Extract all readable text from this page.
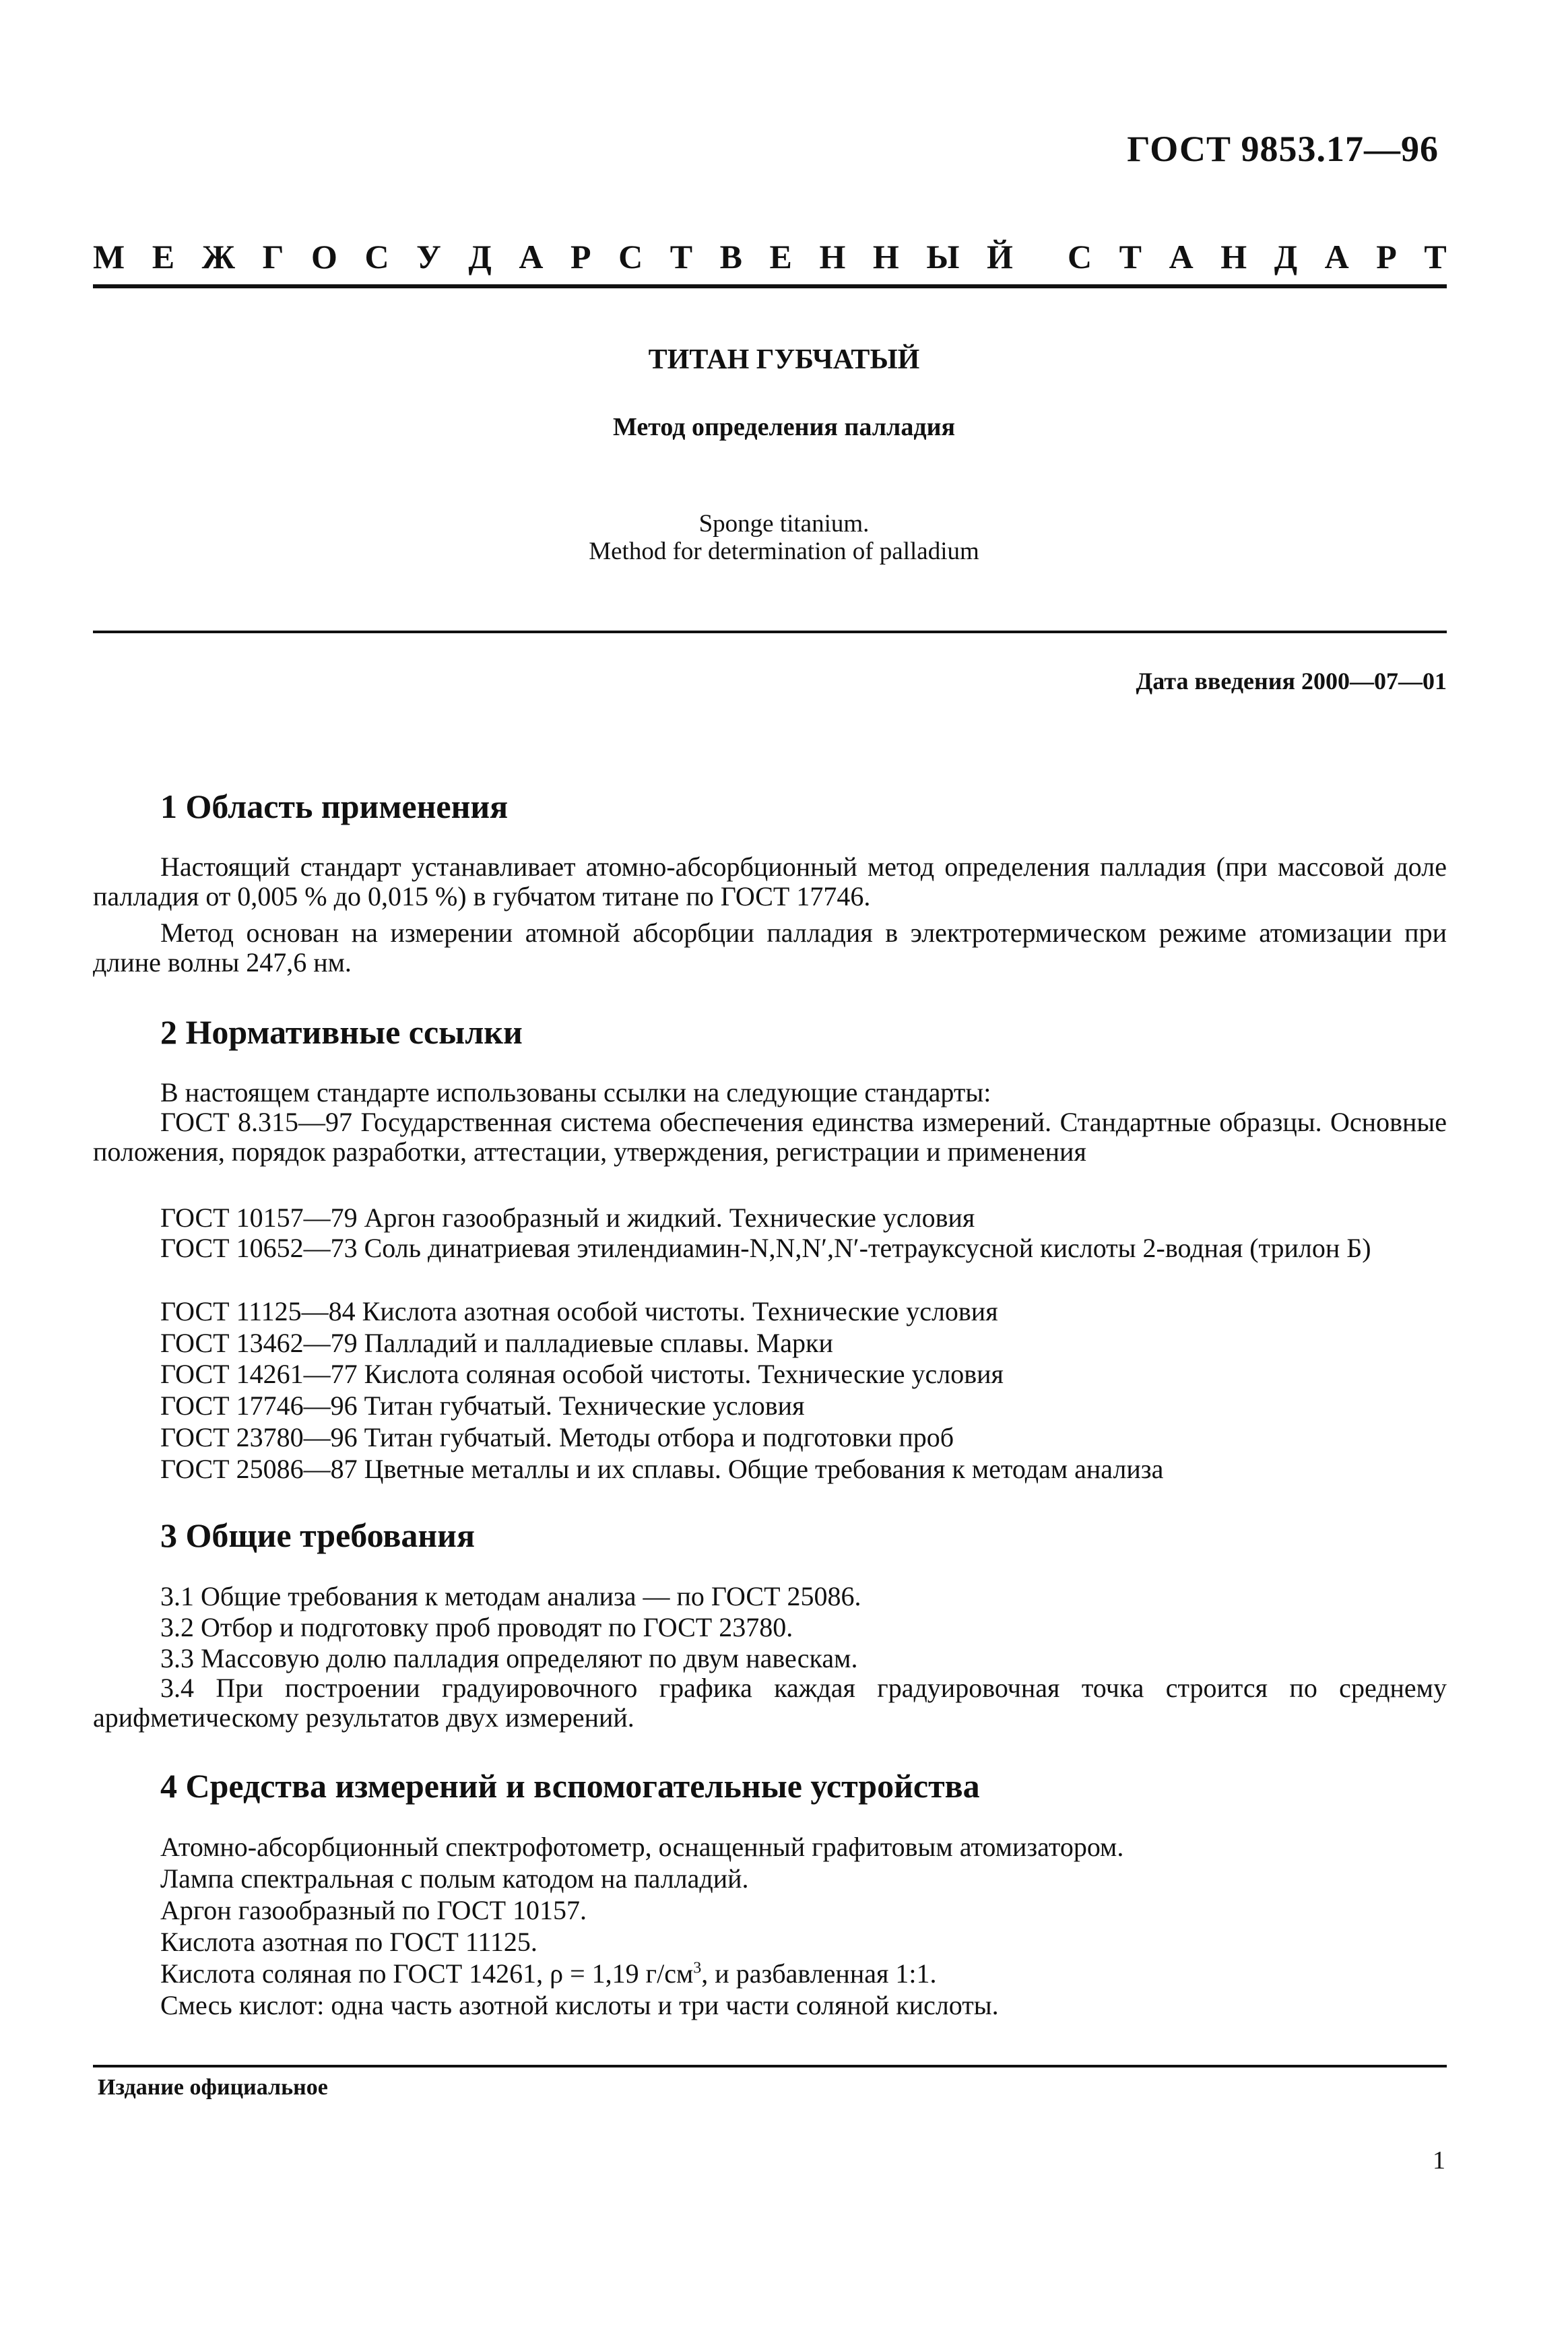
ГОСТ 9853.17—96
М Е Ж Г О С У Д А Р С Т В Е Н Н Ы Й С Т А Н Д А Р Т
ТИТАН ГУБЧАТЫЙ
Метод определения палладия
Sponge titanium.
Method for determination of palladium
Дата введения 2000—07—01
1 Область применения
Настоящий стандарт устанавливает атомно-абсорбционный метод определения палладия (при массовой доле палладия от 0,005 % до 0,015 %) в губчатом титане по ГОСТ 17746.
Метод основан на измерении атомной абсорбции палладия в электротермическом режиме атомизации при длине волны 247,6 нм.
2 Нормативные ссылки
В настоящем стандарте использованы ссылки на следующие стандарты:
ГОСТ 8.315—97 Государственная система обеспечения единства измерений. Стандартные образцы. Основные положения, порядок разработки, аттестации, утверждения, регистрации и применения
ГОСТ 10157—79 Аргон газообразный и жидкий. Технические условия
ГОСТ 10652—73 Соль динатриевая этилендиамин-N,N,N′,N′-тетрауксусной кислоты 2-водная (трилон Б)
ГОСТ 11125—84 Кислота азотная особой чистоты. Технические условия
ГОСТ 13462—79 Палладий и палладиевые сплавы. Марки
ГОСТ 14261—77 Кислота соляная особой чистоты. Технические условия
ГОСТ 17746—96 Титан губчатый. Технические условия
ГОСТ 23780—96 Титан губчатый. Методы отбора и подготовки проб
ГОСТ 25086—87 Цветные металлы и их сплавы. Общие требования к методам анализа
3 Общие требования
3.1 Общие требования к методам анализа — по ГОСТ 25086.
3.2 Отбор и подготовку проб проводят по ГОСТ 23780.
3.3 Массовую долю палладия определяют по двум навескам.
3.4 При построении градуировочного графика каждая градуировочная точка строится по среднему арифметическому результатов двух измерений.
4 Средства измерений и вспомогательные устройства
Атомно-абсорбционный спектрофотометр, оснащенный графитовым атомизатором.
Лампа спектральная с полым катодом на палладий.
Аргон газообразный по ГОСТ 10157.
Кислота азотная по ГОСТ 11125.
Кислота соляная по ГОСТ 14261, ρ = 1,19 $г/см^3$, и разбавленная 1:1.
Смесь кислот: одна часть азотной кислоты и три части соляной кислоты.
Издание официальное
1
